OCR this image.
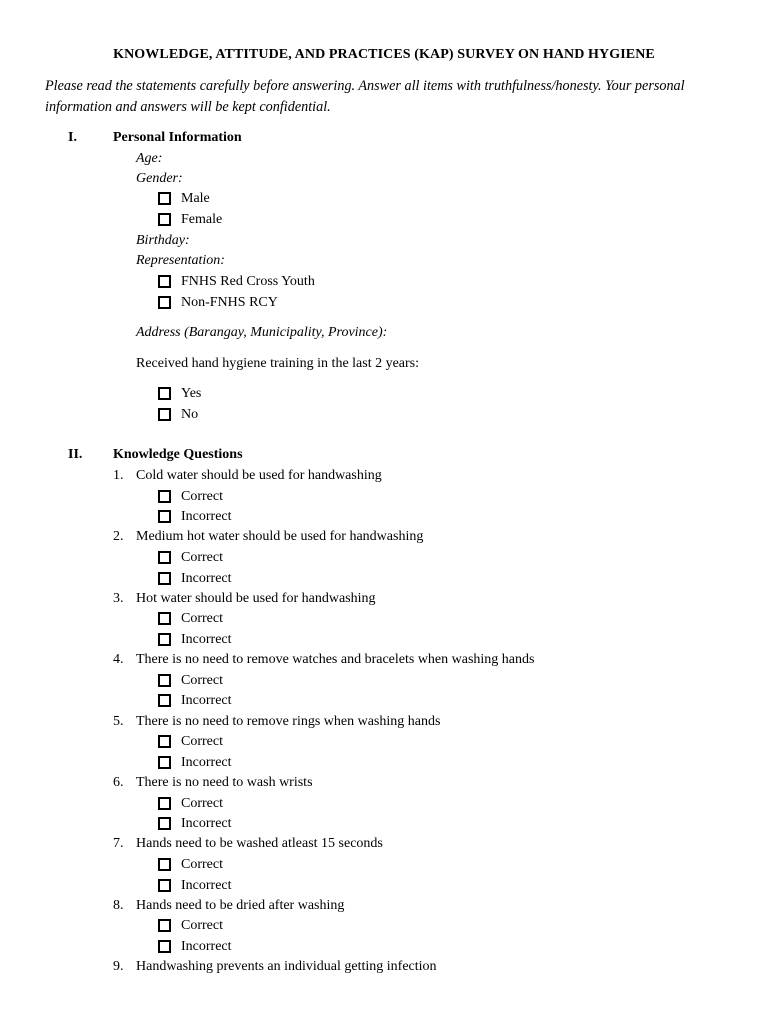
KNOWLEDGE, ATTITUDE, AND PRACTICES (KAP) SURVEY ON HAND HYGIENE
Please read the statements carefully before answering. Answer all items with truthfulness/honesty. Your personal information and answers will be kept confidential.
I.	Personal Information
Age:
Gender:
Male
Female
Birthday:
Representation:
FNHS Red Cross Youth
Non-FNHS RCY
Address (Barangay, Municipality, Province):
Received hand hygiene training in the last 2 years:
Yes
No
II. Knowledge Questions
1. Cold water should be used for handwashing
Correct
Incorrect
2. Medium hot water should be used for handwashing
Correct
Incorrect
3. Hot water should be used for handwashing
Correct
Incorrect
4. There is no need to remove watches and bracelets when washing hands
Correct
Incorrect
5. There is no need to remove rings when washing hands
Correct
Incorrect
6. There is no need to wash wrists
Correct
Incorrect
7. Hands need to be washed atleast 15 seconds
Correct
Incorrect
8. Hands need to be dried after washing
Correct
Incorrect
9. Handwashing prevents an individual getting infection
